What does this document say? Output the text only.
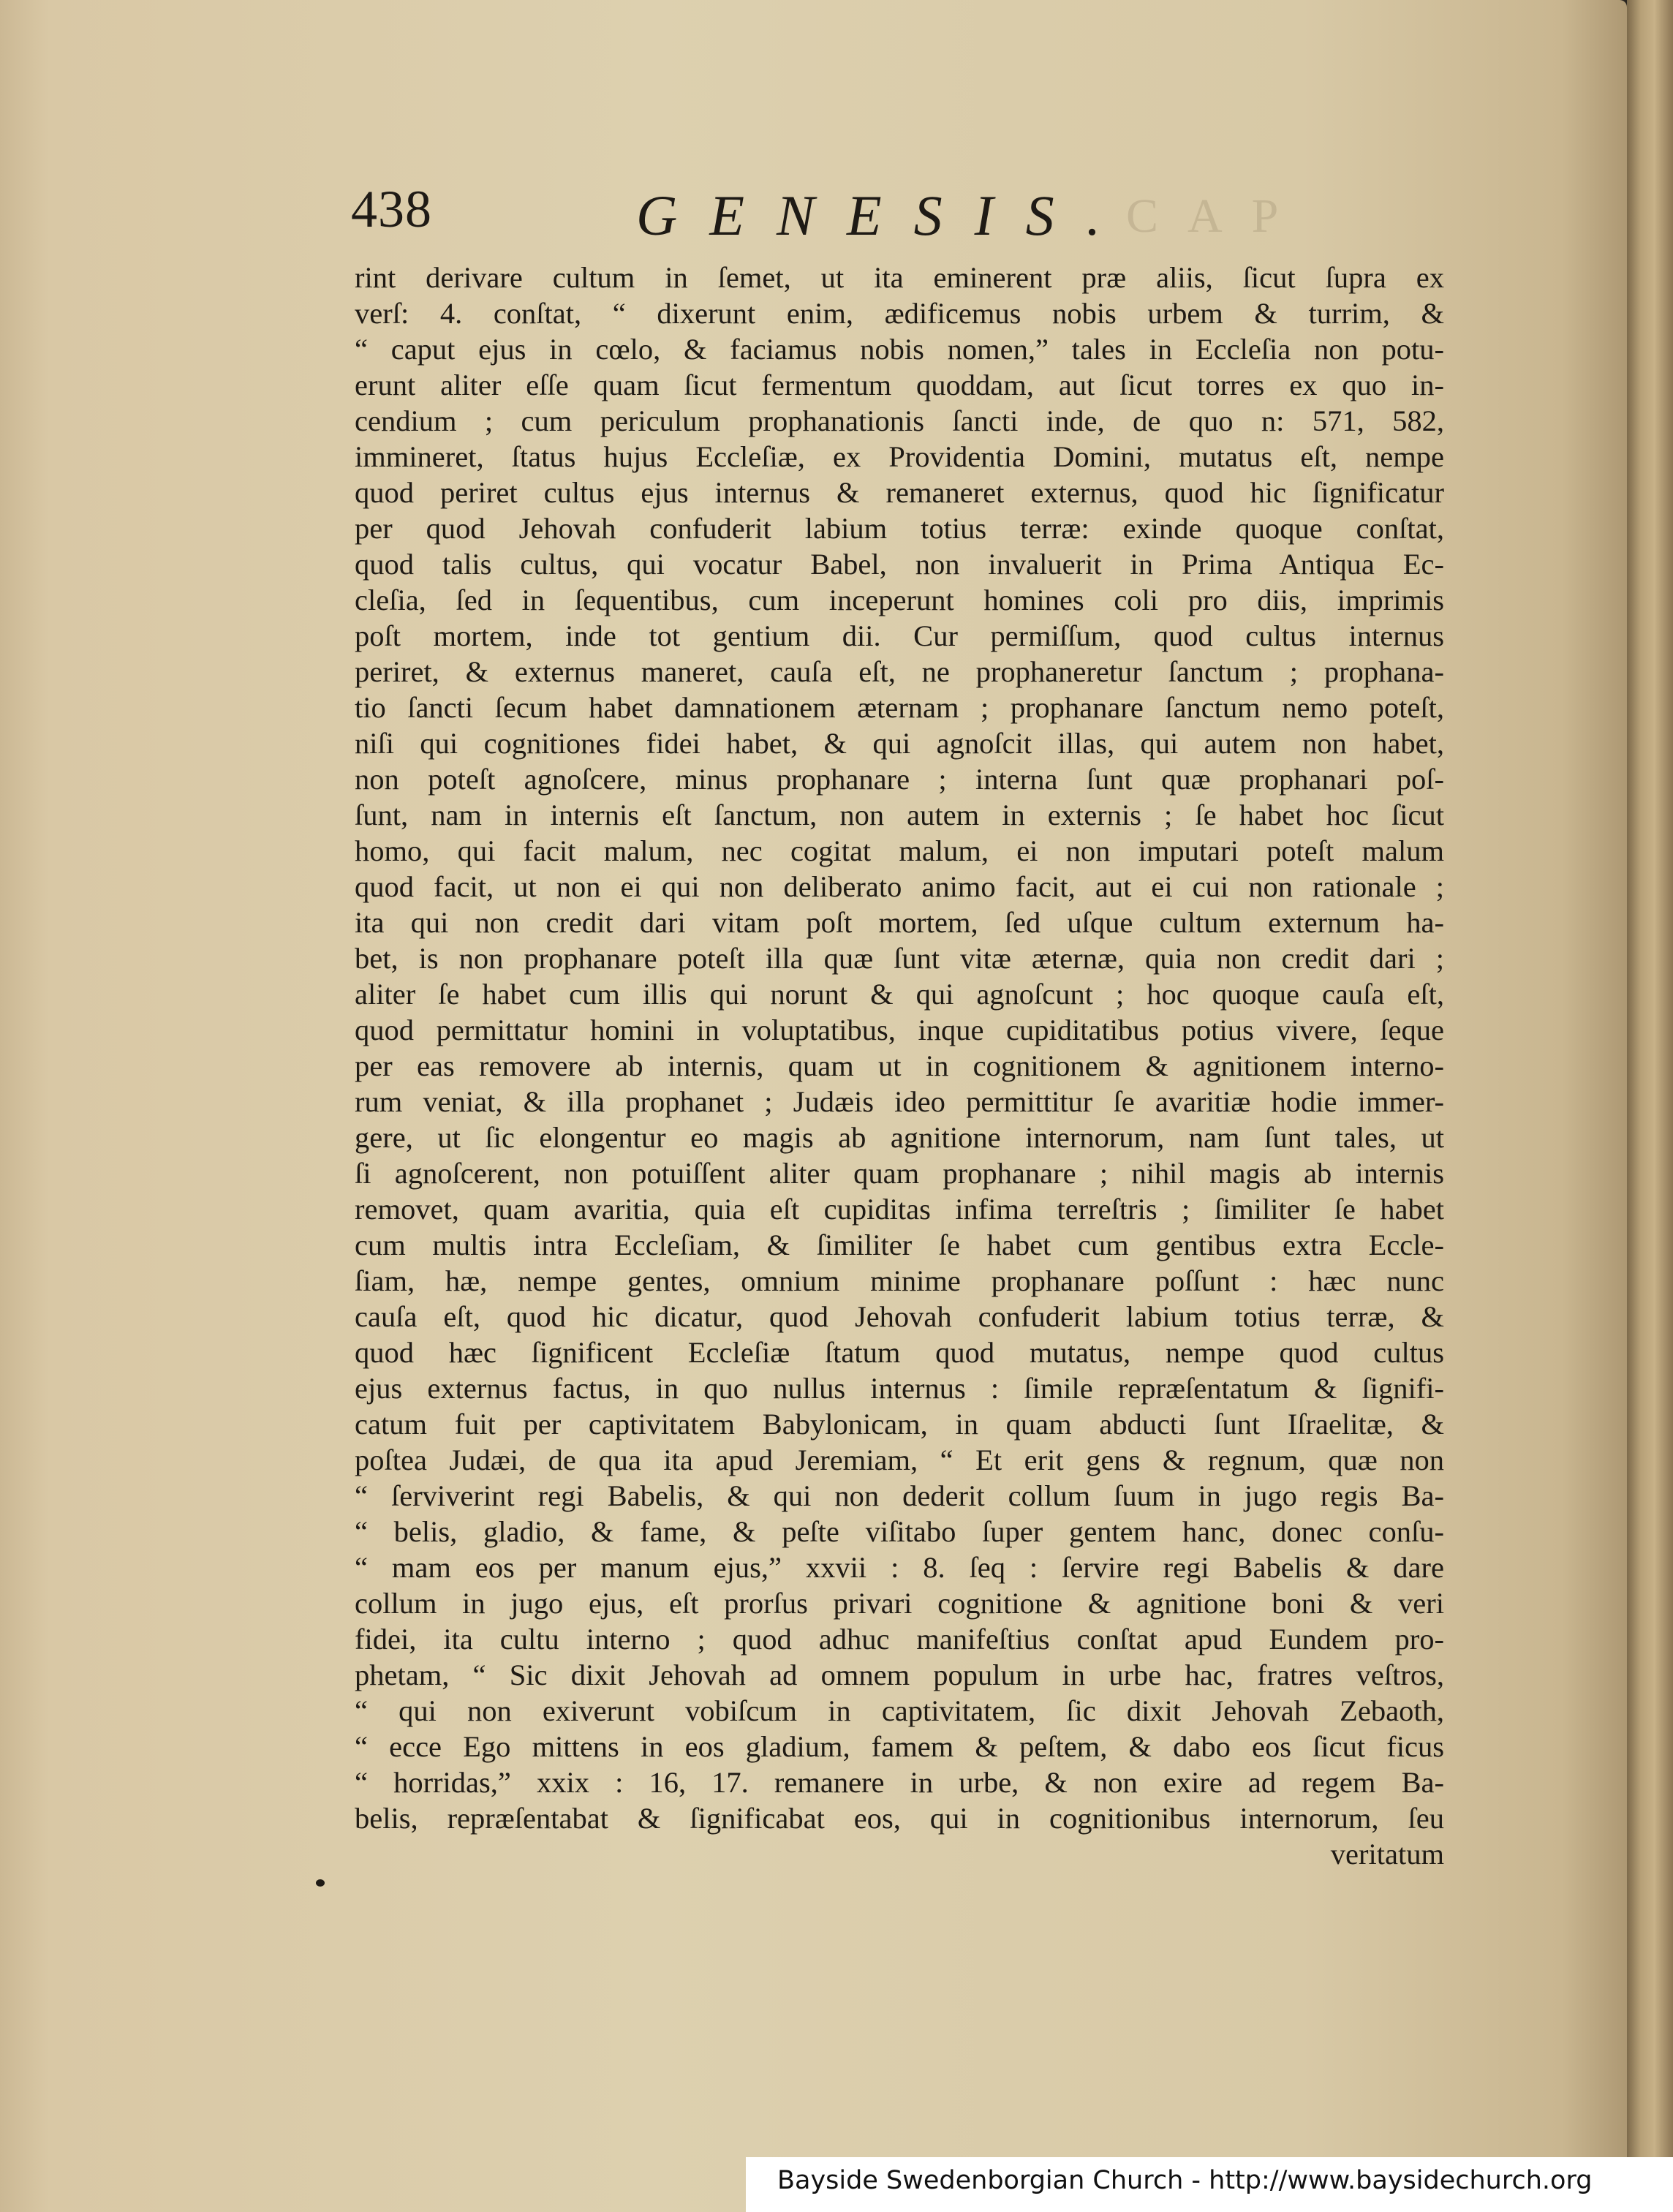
CAP
438	GENESIS.
rint derivare cultum in ſemet, ut ita eminerent præ aliis, ſicut ſupra ex
verſ: 4. conſtat, “ dixerunt enim, ædificemus nobis urbem & turrim, &
“ caput ejus in cœlo, & faciamus nobis nomen,” tales in Eccleſia non potu-
erunt aliter eſſe quam ſicut fermentum quoddam, aut ſicut torres ex quo in-
cendium ; cum periculum prophanationis ſancti inde, de quo n: 571, 582,
immineret, ſtatus hujus Eccleſiæ, ex Providentia Domini, mutatus eſt, nempe
quod periret cultus ejus internus & remaneret externus, quod hic ſignificatur
per quod Jehovah confuderit labium totius terræ: exinde quoque conſtat,
quod talis cultus, qui vocatur Babel, non invaluerit in Prima Antiqua Ec-
cleſia, ſed in ſequentibus, cum inceperunt homines coli pro diis, imprimis
poſt mortem, inde tot gentium dii. Cur permiſſum, quod cultus internus
periret, & externus maneret, cauſa eſt, ne prophaneretur ſanctum ; prophana-
tio ſancti ſecum habet damnationem æternam ; prophanare ſanctum nemo poteſt,
niſi qui cognitiones fidei habet, & qui agnoſcit illas, qui autem non habet,
non poteſt agnoſcere, minus prophanare ; interna ſunt quæ prophanari poſ-
ſunt, nam in internis eſt ſanctum, non autem in externis ; ſe habet hoc ſicut
homo, qui facit malum, nec cogitat malum, ei non imputari poteſt malum
quod facit, ut non ei qui non deliberato animo facit, aut ei cui non rationale ;
ita qui non credit dari vitam poſt mortem, ſed uſque cultum externum ha-
bet, is non prophanare poteſt illa quæ ſunt vitæ æternæ, quia non credit dari ;
aliter ſe habet cum illis qui norunt & qui agnoſcunt ; hoc quoque cauſa eſt,
quod permittatur homini in voluptatibus, inque cupiditatibus potius vivere, ſeque
per eas removere ab internis, quam ut in cognitionem & agnitionem interno-
rum veniat, & illa prophanet ; Judæis ideo permittitur ſe avaritiæ hodie immer-
gere, ut ſic elongentur eo magis ab agnitione internorum, nam ſunt tales, ut
ſi agnoſcerent, non potuiſſent aliter quam prophanare ; nihil magis ab internis
removet, quam avaritia, quia eſt cupiditas infima terreſtris ; ſimiliter ſe habet
cum multis intra Eccleſiam, & ſimiliter ſe habet cum gentibus extra Eccle-
ſiam, hæ, nempe gentes, omnium minime prophanare poſſunt : hæc nunc
cauſa eſt, quod hic dicatur, quod Jehovah confuderit labium totius terræ, &
quod hæc ſignificent Eccleſiæ ſtatum quod mutatus, nempe quod cultus
ejus externus factus, in quo nullus internus : ſimile repræſentatum & ſignifi-
catum fuit per captivitatem Babylonicam, in quam abducti ſunt Iſraelitæ, &
poſtea Judæi, de qua ita apud Jeremiam, “ Et erit gens & regnum, quæ non
“ ſerviverint regi Babelis, & qui non dederit collum ſuum in jugo regis Ba-
“ belis, gladio, & fame, & peſte viſitabo ſuper gentem hanc, donec conſu-
“ mam eos per manum ejus,” xxvii : 8. ſeq : ſervire regi Babelis & dare
collum in jugo ejus, eſt prorſus privari cognitione & agnitione boni & veri
fidei, ita cultu interno ; quod adhuc manifeſtius conſtat apud Eundem pro-
phetam, “ Sic dixit Jehovah ad omnem populum in urbe hac, fratres veſtros,
“ qui non exiverunt vobiſcum in captivitatem, ſic dixit Jehovah Zebaoth,
“ ecce Ego mittens in eos gladium, famem & peſtem, & dabo eos ſicut ficus
“ horridas,” xxix : 16, 17. remanere in urbe, & non exire ad regem Ba-
belis, repræſentabat & ſignificabat eos, qui in cognitionibus internorum, ſeu
veritatum
Bayside Swedenborgian Church - http://www.baysidechurch.org
